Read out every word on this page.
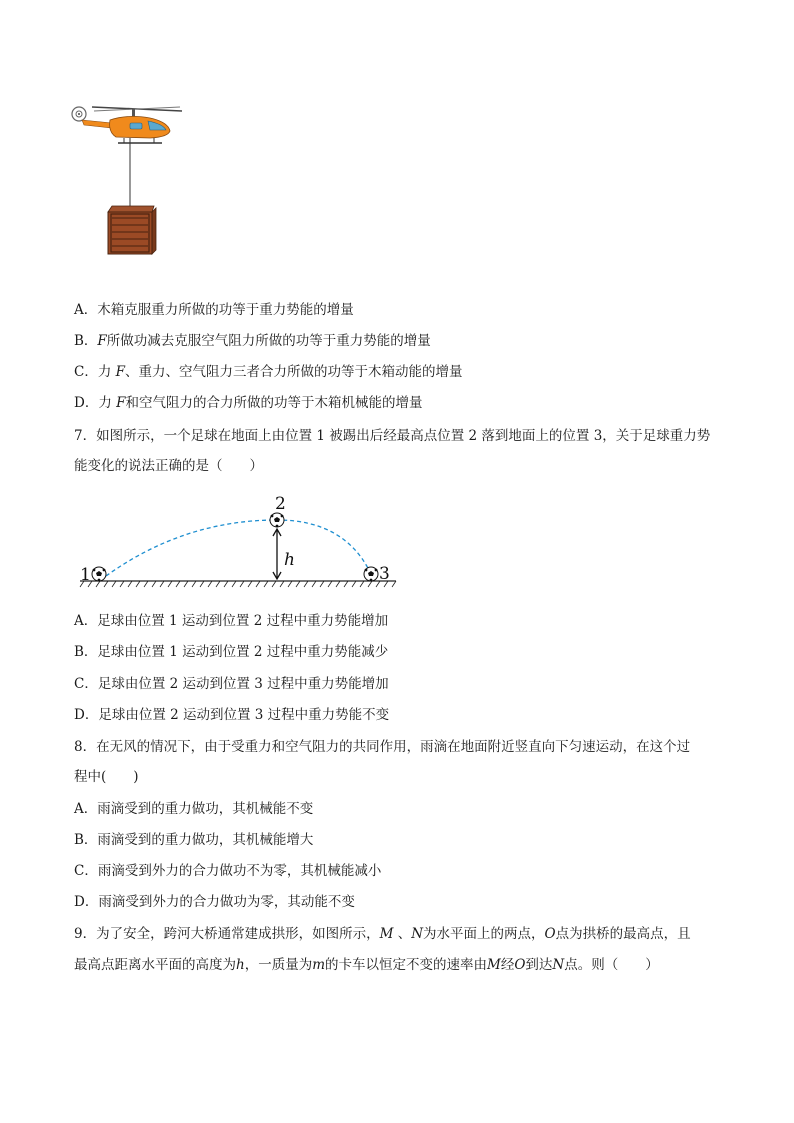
A．木箱克服重力所做的功等于重力势能的增量
B．F所做功减去克服空气阻力所做的功等于重力势能的增量
C．力 F、重力、空气阻力三者合力所做的功等于木箱动能的增量
D．力 F和空气阻力的合力所做的功等于木箱机械能的增量
7．如图所示，一个足球在地面上由位置 1 被踢出后经最高点位置 2 落到地面上的位置 3，关于足球重力势
能变化的说法正确的是（　　）
1
2
3
h
A．足球由位置 1 运动到位置 2 过程中重力势能增加
B．足球由位置 1 运动到位置 2 过程中重力势能减少
C．足球由位置 2 运动到位置 3 过程中重力势能增加
D．足球由位置 2 运动到位置 3 过程中重力势能不变
8．在无风的情况下，由于受重力和空气阻力的共同作用，雨滴在地面附近竖直向下匀速运动，在这个过
程中(　　)
A．雨滴受到的重力做功，其机械能不变
B．雨滴受到的重力做功，其机械能增大
C．雨滴受到外力的合力做功不为零，其机械能减小
D．雨滴受到外力的合力做功为零，其动能不变
9．为了安全，跨河大桥通常建成拱形，如图所示，M 、N为水平面上的两点，O点为拱桥的最高点，且
最高点距离水平面的高度为h，一质量为m的卡车以恒定不变的速率由M经O到达N点。则（　　）
